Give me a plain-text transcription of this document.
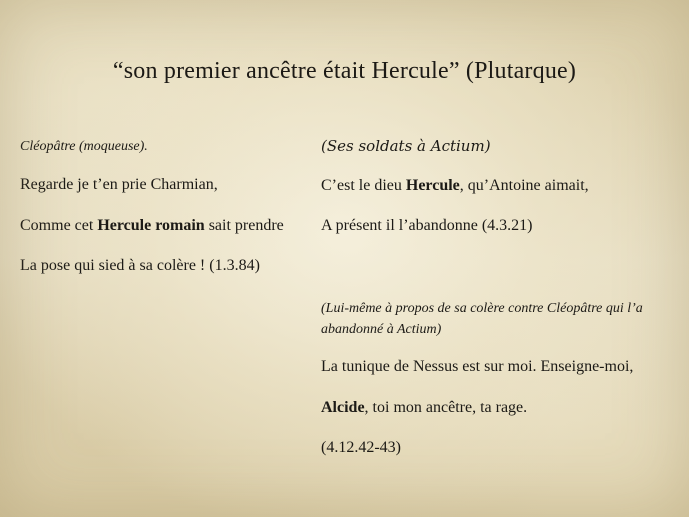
“son premier ancêtre était Hercule” (Plutarque)
Cléopâtre (moqueuse).
Regarde je t’en prie Charmian,
Comme cet Hercule romain sait prendre
La pose qui sied à sa colère ! (1.3.84)
(Ses soldats à Actium)
C’est le dieu Hercule, qu’Antoine aimait,
A présent il l’abandonne (4.3.21)
(Lui-même à propos de sa colère contre Cléopâtre qui l’a abandonné à Actium)
La tunique de Nessus est sur moi. Enseigne-moi,
Alcide, toi mon ancêtre, ta rage.
(4.12.42-43)
